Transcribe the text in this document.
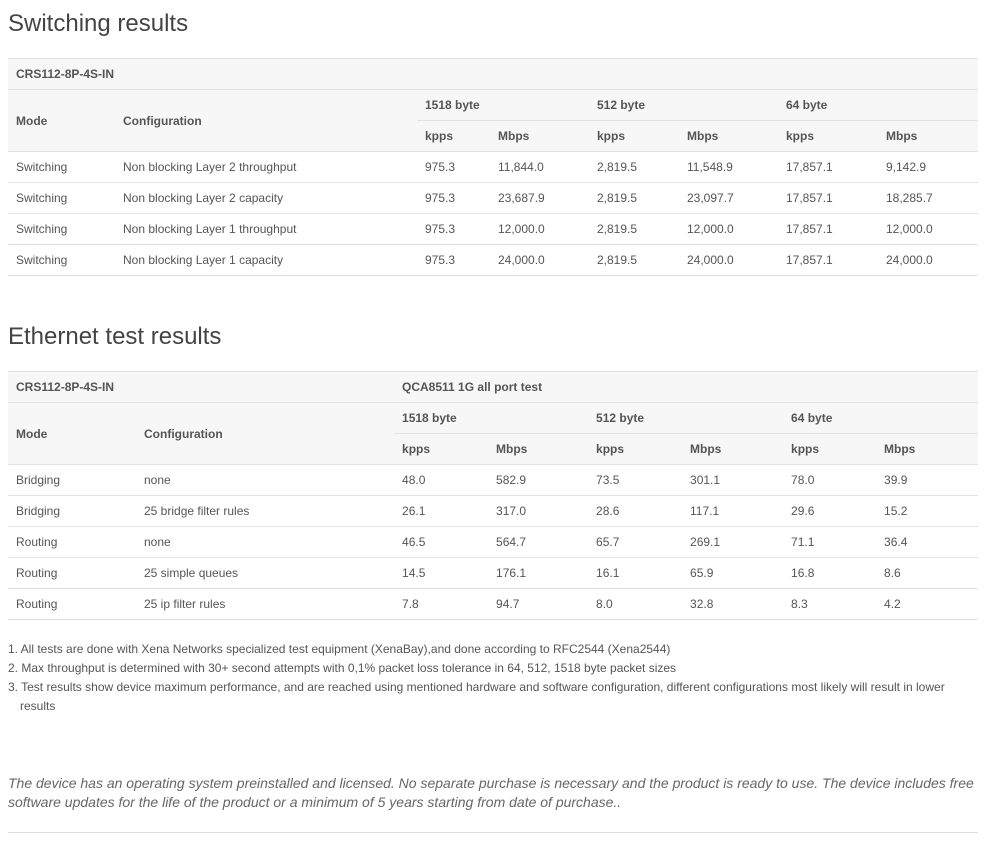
Switching results
CRS112-8P-4S-IN							
Mode	Configuration	1518 byte		512 byte		64 byte	
		kpps	Mbps	kpps	Mbps	kpps	Mbps
Switching	Non blocking Layer 2 throughput	975.3	11,844.0	2,819.5	11,548.9	17,857.1	9,142.9
Switching	Non blocking Layer 2 capacity	975.3	23,687.9	2,819.5	23,097.7	17,857.1	18,285.7
Switching	Non blocking Layer 1 throughput	975.3	12,000.0	2,819.5	12,000.0	17,857.1	12,000.0
Switching	Non blocking Layer 1 capacity	975.3	24,000.0	2,819.5	24,000.0	17,857.1	24,000.0
Ethernet test results
CRS112-8P-4S-IN		QCA8511 1G all port test					
Mode	Configuration	1518 byte		512 byte		64 byte	
		kpps	Mbps	kpps	Mbps	kpps	Mbps
Bridging	none	48.0	582.9	73.5	301.1	78.0	39.9
Bridging	25 bridge filter rules	26.1	317.0	28.6	117.1	29.6	15.2
Routing	none	46.5	564.7	65.7	269.1	71.1	36.4
Routing	25 simple queues	14.5	176.1	16.1	65.9	16.8	8.6
Routing	25 ip filter rules	7.8	94.7	8.0	32.8	8.3	4.2
1. All tests are done with Xena Networks specialized test equipment (XenaBay),and done according to RFC2544 (Xena2544)
2. Max throughput is determined with 30+ second attempts with 0,1% packet loss tolerance in 64, 512, 1518 byte packet sizes
3. Test results show device maximum performance, and are reached using mentioned hardware and software configuration, different configurations most likely will result in lower results

The device has an operating system preinstalled and licensed. No separate purchase is necessary and the product is ready to use. The device includes free software updates for the life of the product or a minimum of 5 years starting from date of purchase..
